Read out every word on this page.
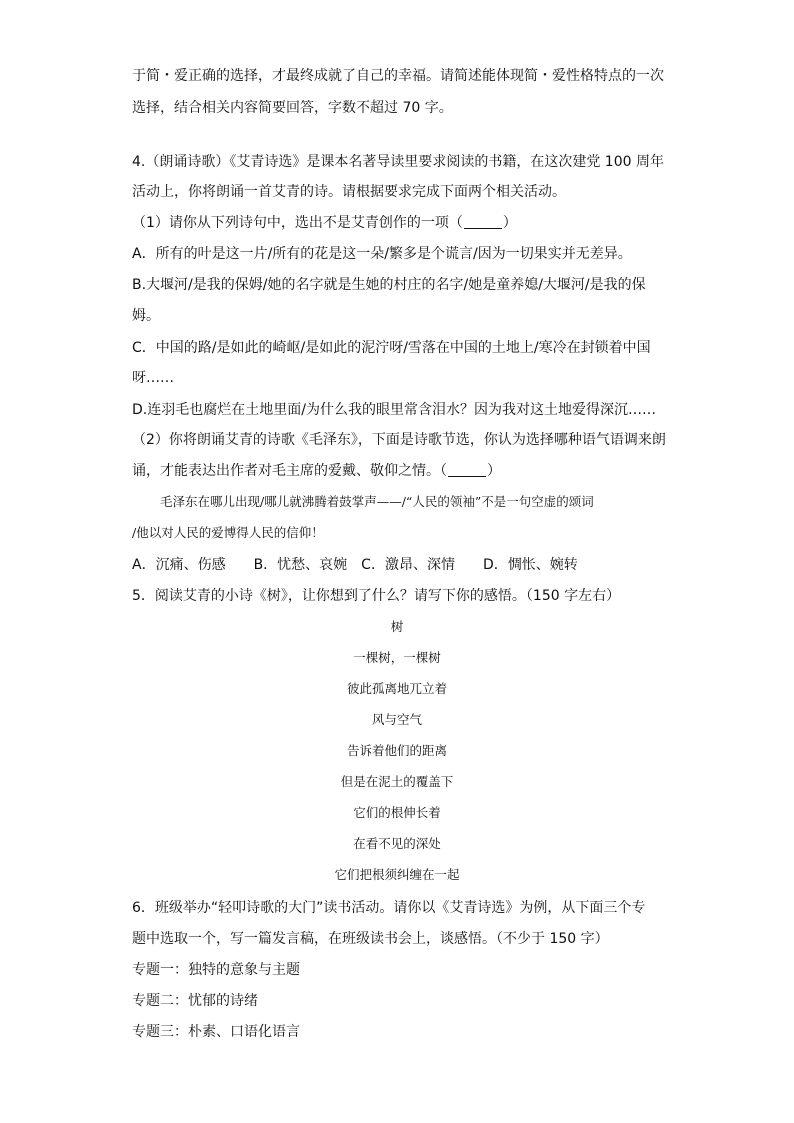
于简・爱正确的选择，才最终成就了自己的幸福。请简述能体现简・爱性格特点的一次
选择，结合相关内容简要回答，字数不超过 70 字。
4.（朗诵诗歌）《艾青诗选》是课本名著导读里要求阅读的书籍，在这次建党 100 周年
活动上，你将朗诵一首艾青的诗。请根据要求完成下面两个相关活动。
（1）请你从下列诗句中，选出不是艾青创作的一项（	）
A．所有的叶是这一片/所有的花是这一朵/繁多是个谎言/因为一切果实并无差异。
B.大堰河/是我的保姆/她的名字就是生她的村庄的名字/她是童养媳/大堰河/是我的保
姆。
C．中国的路/是如此的崎岖/是如此的泥泞呀/雪落在中国的土地上/寒冷在封锁着中国
呀……
D.连羽毛也腐烂在土地里面/为什么我的眼里常含泪水？因为我对这土地爱得深沉……
（2）你将朗诵艾青的诗歌《毛泽东》，下面是诗歌节选，你认为选择哪种语气语调来朗
诵，才能表达出作者对毛主席的爱戴、敬仰之情。（	）
毛泽东在哪儿出现/哪儿就沸腾着鼓掌声——/“人民的领袖”不是一句空虚的颂词
/他以对人民的爱博得人民的信仰！
A．沉痛、伤感　　B．忧愁、哀婉　C．激昂、深情　　D．惆怅、婉转
5．阅读艾青的小诗《树》，让你想到了什么？请写下你的感悟。（150 字左右）
树
一棵树，一棵树
彼此孤离地兀立着
风与空气
告诉着他们的距离
但是在泥土的覆盖下
它们的根伸长着
在看不见的深处
它们把根须纠缠在一起
6．班级举办“轻叩诗歌的大门”读书活动。请你以《艾青诗选》为例，从下面三个专
题中选取一个，写一篇发言稿，在班级读书会上，谈感悟。（不少于 150 字）
专题一：独特的意象与主题
专题二：忧郁的诗绪
专题三：朴素、口语化语言
